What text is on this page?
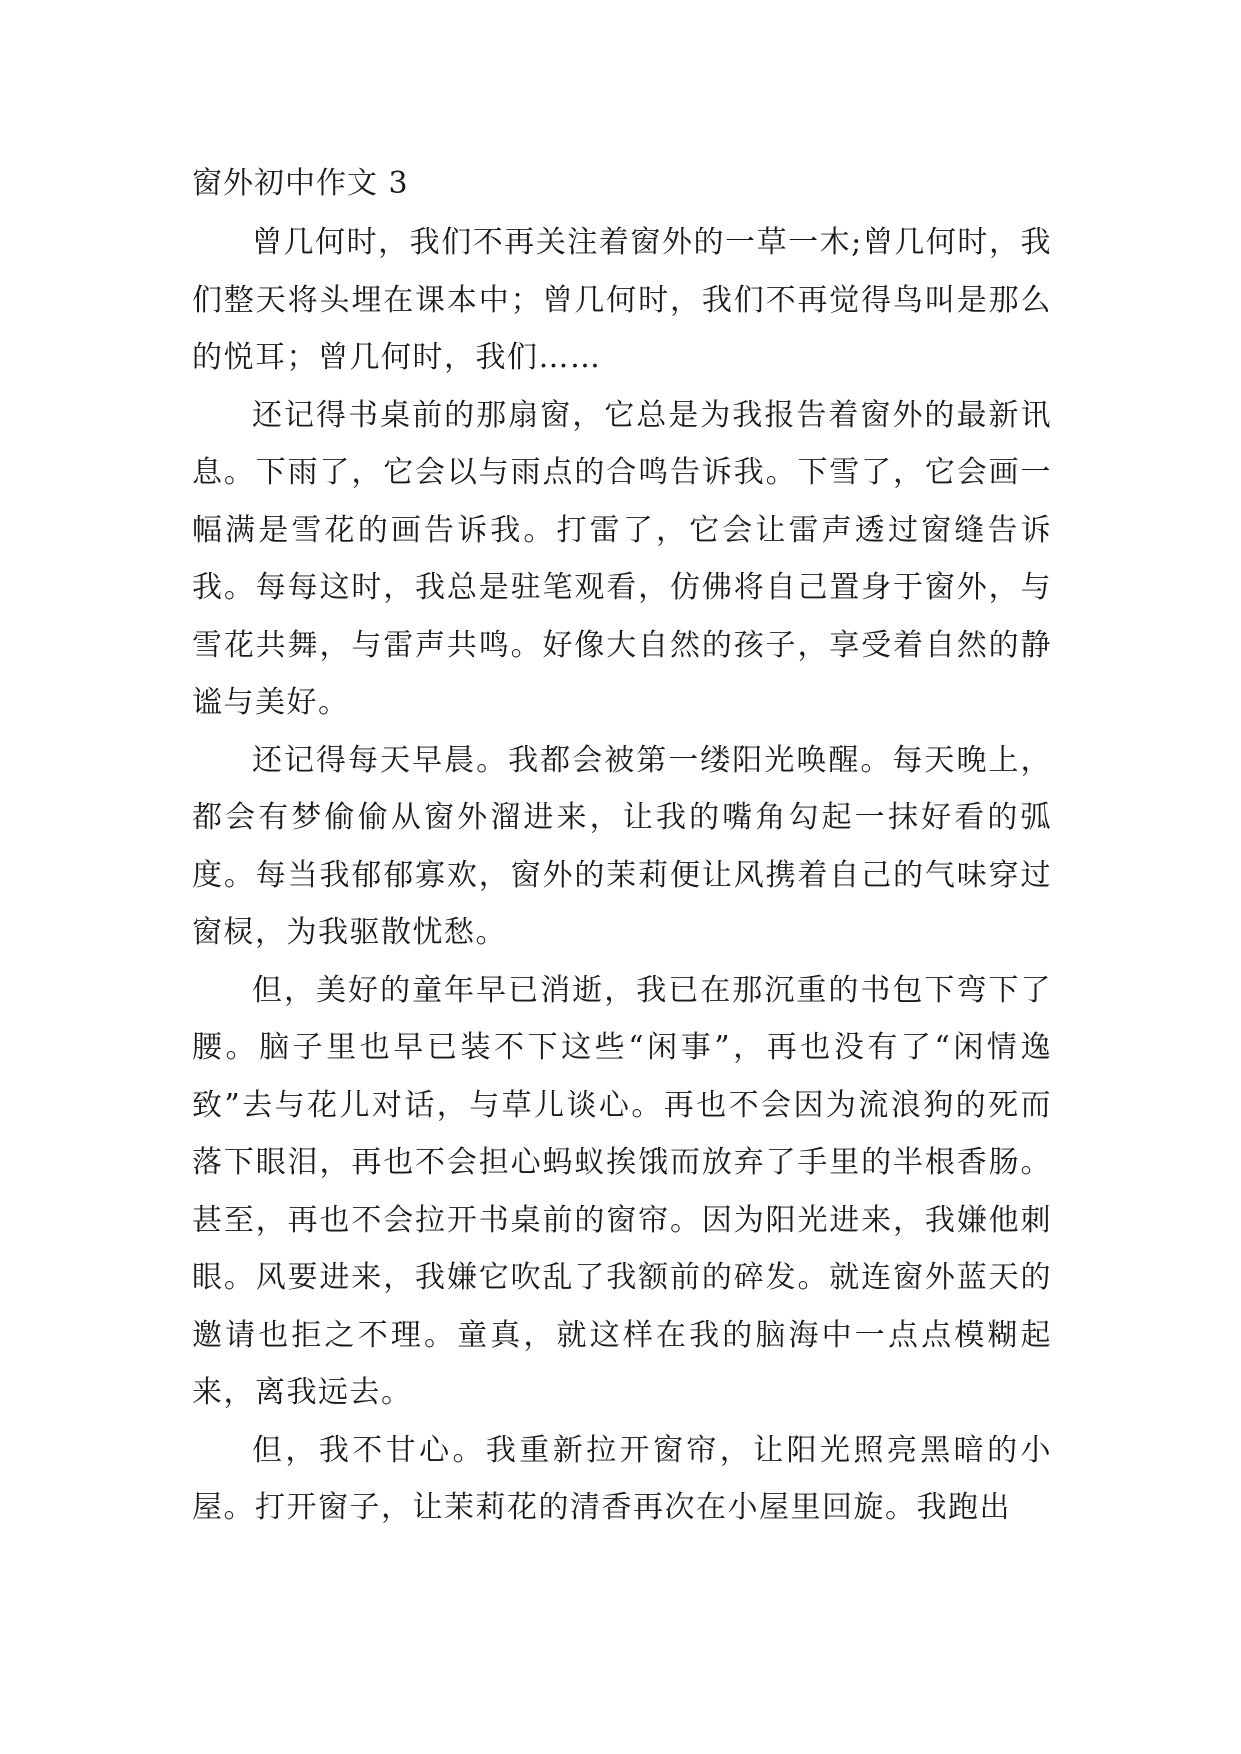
窗外初中作文 3

曾几何时，我们不再关注着窗外的一草一木;曾几何时，我们整天将头埋在课本中；曾几何时，我们不再觉得鸟叫是那么的悦耳；曾几何时，我们……

还记得书桌前的那扇窗，它总是为我报告着窗外的最新讯息。下雨了，它会以与雨点的合鸣告诉我。下雪了，它会画一幅满是雪花的画告诉我。打雷了，它会让雷声透过窗缝告诉我。每每这时，我总是驻笔观看，仿佛将自己置身于窗外，与雪花共舞，与雷声共鸣。好像大自然的孩子，享受着自然的静谧与美好。

还记得每天早晨。我都会被第一缕阳光唤醒。每天晚上，都会有梦偷偷从窗外溜进来，让我的嘴角勾起一抹好看的弧度。每当我郁郁寡欢，窗外的茉莉便让风携着自己的气味穿过窗棂，为我驱散忧愁。

但，美好的童年早已消逝，我已在那沉重的书包下弯下了腰。脑子里也早已装不下这些“闲事”，再也没有了“闲情逸致”去与花儿对话，与草儿谈心。再也不会因为流浪狗的死而落下眼泪，再也不会担心蚂蚁挨饿而放弃了手里的半根香肠。甚至，再也不会拉开书桌前的窗帘。因为阳光进来，我嫌他刺眼。风要进来，我嫌它吹乱了我额前的碎发。就连窗外蓝天的邀请也拒之不理。童真，就这样在我的脑海中一点点模糊起来，离我远去。

但，我不甘心。我重新拉开窗帘，让阳光照亮黑暗的小屋。打开窗子，让茉莉花的清香再次在小屋里回旋。我跑出
